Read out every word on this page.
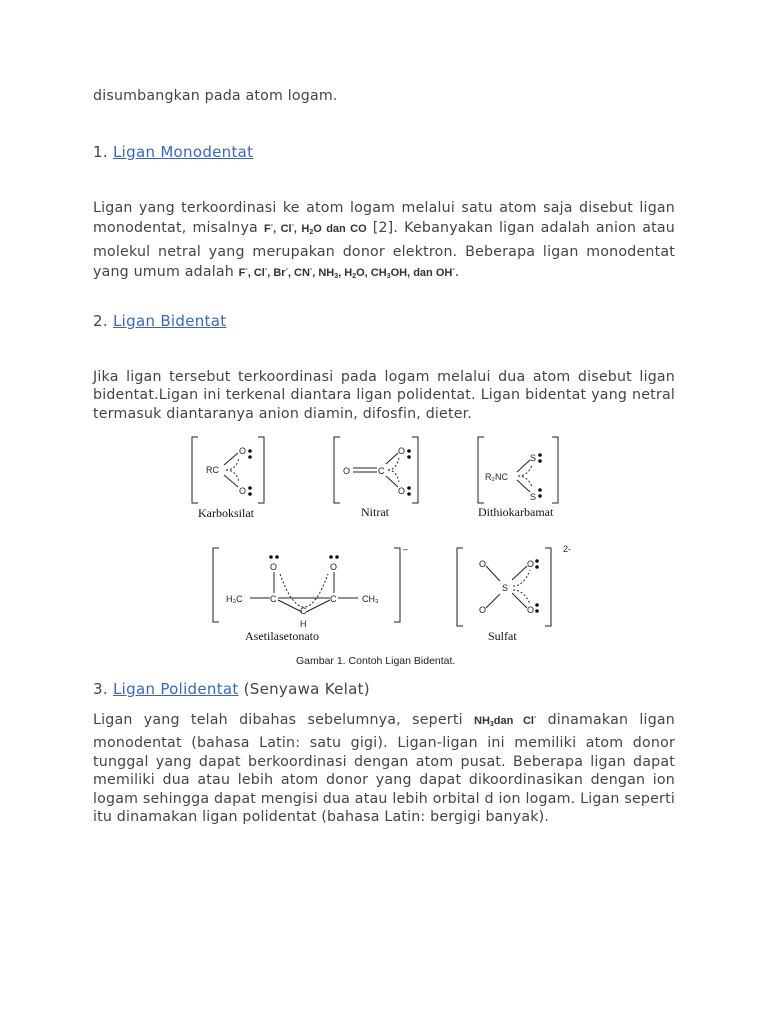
disumbangkan pada atom logam.
1. Ligan Monodentat
Ligan yang terkoordinasi ke atom logam melalui satu atom saja disebut ligan
monodentat, misalnya F-, Cl-, $H_2O$ dan CO [2]. Kebanyakan ligan adalah anion atau
molekul netral yang merupakan donor elektron. Beberapa ligan monodentat
yang umum adalah F-, Cl-, Br-, CN-, $NH_3$, $H_2O$, $CH_3OH$, dan OH-.
2. Ligan Bidentat
Jika ligan tersebut terkoordinasi pada logam melalui dua atom disebut ligan
bidentat.Ligan ini terkenal diantara ligan polidentat. Ligan bidentat yang netral
termasuk diantaranya anion diamin, difosfin, dieter.
RC
O
O
O	C
O
O
R₂NC
S
S
H₃C	C	C	CH₃
O	O
C
H
O	O
S
O	O
–	2-
Karboksilat	Nitrat	Dithiokarbamat
Asetilasetonato	Sulfat
Gambar 1. Contoh Ligan Bidentat.
3. Ligan Polidentat (Senyawa Kelat)
Ligan yang telah dibahas sebelumnya, seperti $NH_3dan$ Cl- dinamakan ligan
monodentat (bahasa Latin: satu gigi). Ligan-ligan ini memiliki atom donor
tunggal yang dapat berkoordinasi dengan atom pusat. Beberapa ligan dapat
memiliki dua atau lebih atom donor yang dapat dikoordinasikan dengan ion
logam sehingga dapat mengisi dua atau lebih orbital d ion logam. Ligan seperti
itu dinamakan ligan polidentat (bahasa Latin: bergigi banyak).
